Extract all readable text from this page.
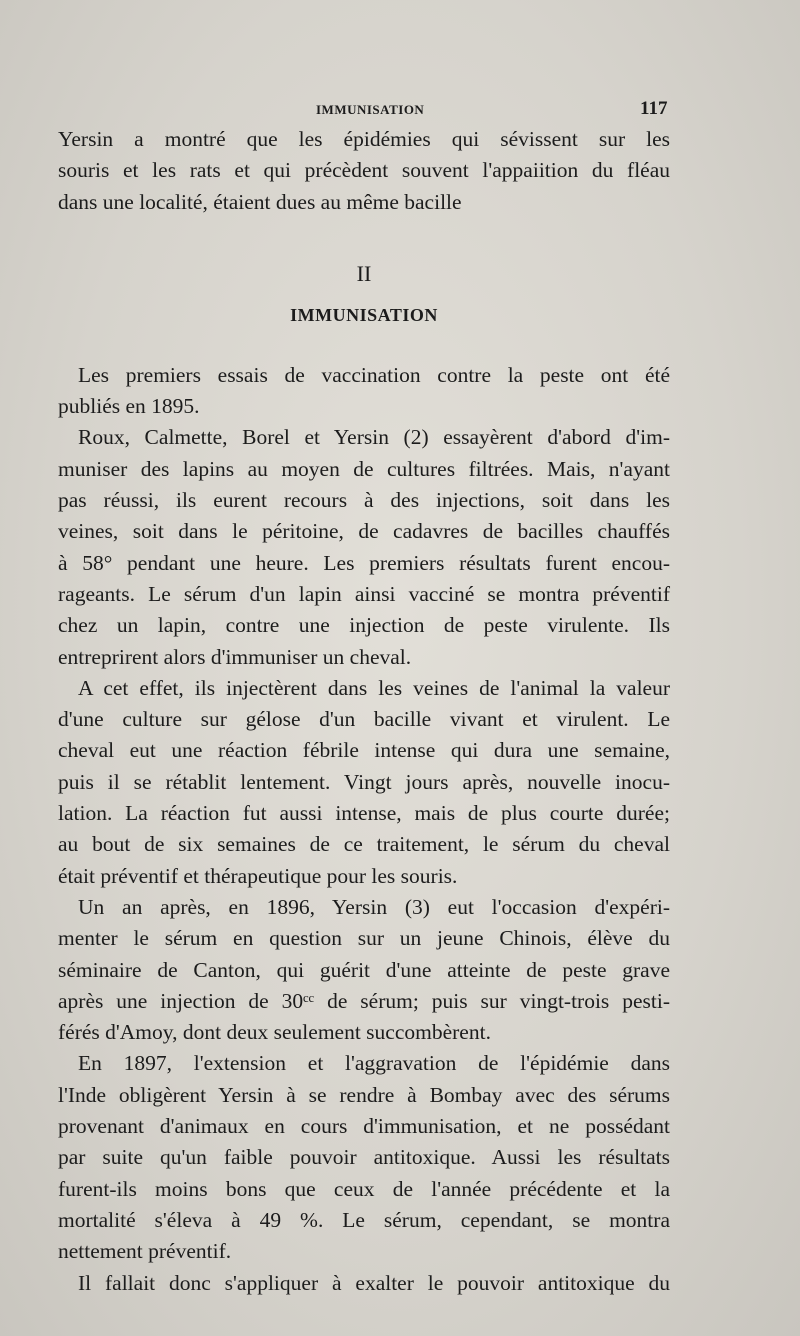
IMMUNISATION	117
Yersin a montré que les épidémies qui sévissent sur les
souris et les rats et qui précèdent souvent l'appaiition du fléau
dans une localité, étaient dues au même bacille
II
IMMUNISATION
Les premiers essais de vaccination contre la peste ont été
publiés en 1895.
Roux, Calmette, Borel et Yersin (2) essayèrent d'abord d'im-
muniser des lapins au moyen de cultures filtrées. Mais, n'ayant
pas réussi, ils eurent recours à des injections, soit dans les
veines, soit dans le péritoine, de cadavres de bacilles chauffés
à 58° pendant une heure. Les premiers résultats furent encou-
rageants. Le sérum d'un lapin ainsi vacciné se montra préventif
chez un lapin, contre une injection de peste virulente. Ils
entreprirent alors d'immuniser un cheval.
A cet effet, ils injectèrent dans les veines de l'animal la valeur
d'une culture sur gélose d'un bacille vivant et virulent. Le
cheval eut une réaction fébrile intense qui dura une semaine,
puis il se rétablit lentement. Vingt jours après, nouvelle inocu-
lation. La réaction fut aussi intense, mais de plus courte durée;
au bout de six semaines de ce traitement, le sérum du cheval
était préventif et thérapeutique pour les souris.
Un an après, en 1896, Yersin (3) eut l'occasion d'expéri-
menter le sérum en question sur un jeune Chinois, élève du
séminaire de Canton, qui guérit d'une atteinte de peste grave
après une injection de 30ᶜᶜ de sérum; puis sur vingt-trois pesti-
férés d'Amoy, dont deux seulement succombèrent.
En 1897, l'extension et l'aggravation de l'épidémie dans
l'Inde obligèrent Yersin à se rendre à Bombay avec des sérums
provenant d'animaux en cours d'immunisation, et ne possédant
par suite qu'un faible pouvoir antitoxique. Aussi les résultats
furent-ils moins bons que ceux de l'année précédente et la
mortalité s'éleva à 49 %. Le sérum, cependant, se montra
nettement préventif.
Il fallait donc s'appliquer à exalter le pouvoir antitoxique du
